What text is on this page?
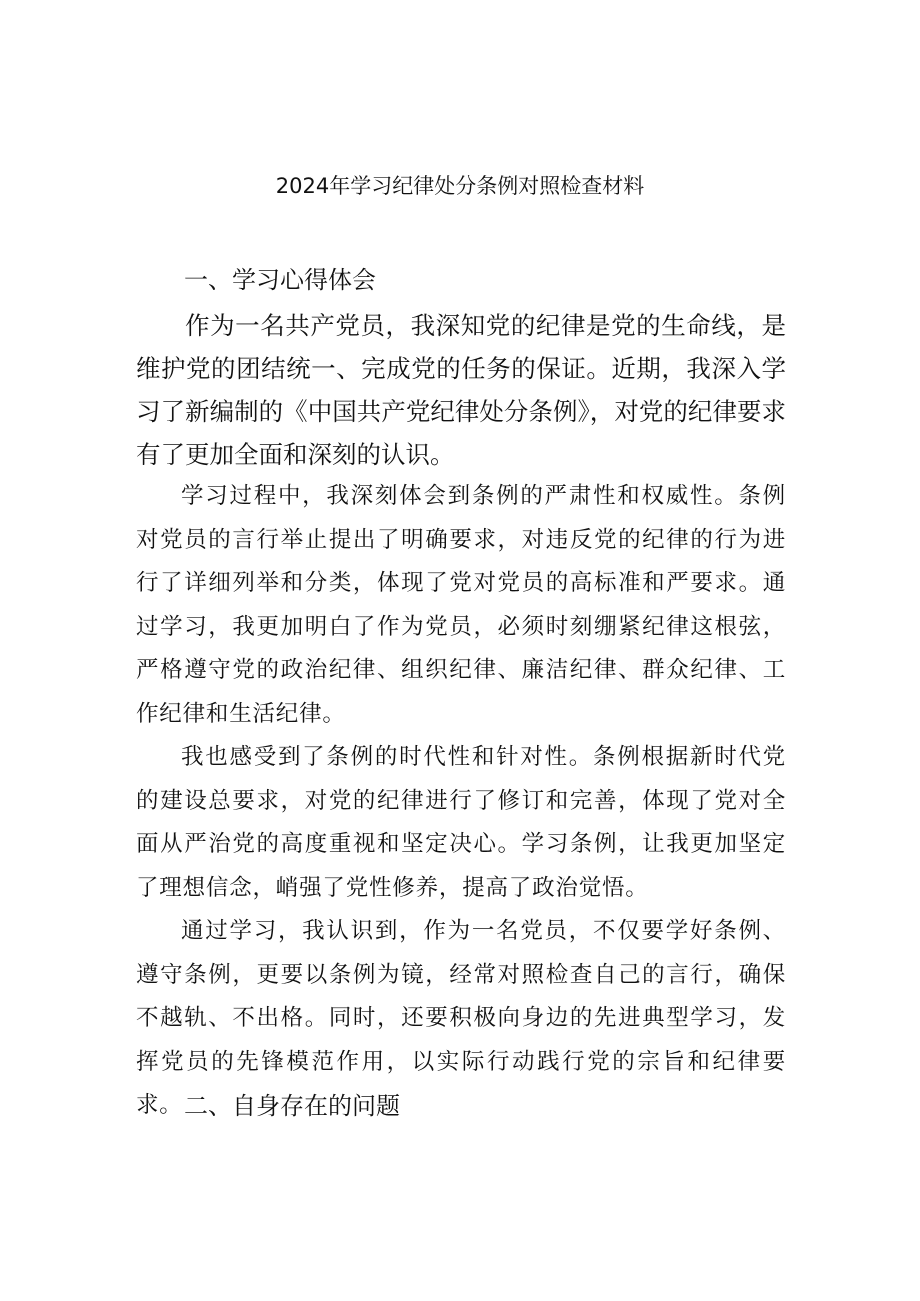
2024年学习纪律处分条例对照检查材料
一、学习心得体会

作为一名共产党员，我深知党的纪律是党的生命线，是维护党的团结统一、完成党的任务的保证。近期，我深入学习了新编制的《中国共产党纪律处分条例》，对党的纪律要求有了更加全面和深刻的认识。

学习过程中，我深刻体会到条例的严肃性和权威性。条例对党员的言行举止提出了明确要求，对违反党的纪律的行为进行了详细列举和分类，体现了党对党员的高标准和严要求。通过学习，我更加明白了作为党员，必须时刻绷紧纪律这根弦，严格遵守党的政治纪律、组织纪律、廉洁纪律、群众纪律、工作纪律和生活纪律。

我也感受到了条例的时代性和针对性。条例根据新时代党的建设总要求，对党的纪律进行了修订和完善，体现了党对全面从严治党的高度重视和坚定决心。学习条例，让我更加坚定了理想信念，峭强了党性修养，提高了政治觉悟。

通过学习，我认识到，作为一名党员，不仅要学好条例、遵守条例，更要以条例为镜，经常对照检查自己的言行，确保不越轨、不出格。同时，还要积极向身边的先进典型学习，发挥党员的先锋模范作用，以实际行动践行党的宗旨和纪律要求。 二、自身存在的问题
